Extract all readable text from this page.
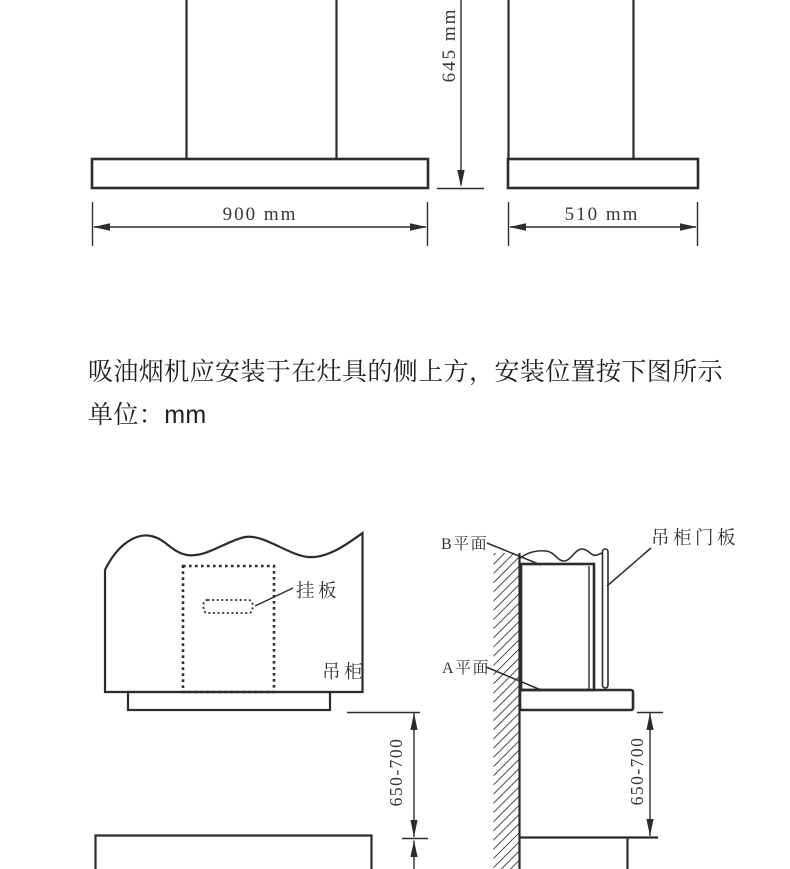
900 mm
645 mm
510 mm
挂板
吊柜
650-700
B平面
A平面
吊柜门板
650-700
吸油烟机应安装于在灶具的侧上方，安装位置按下图所示
单位：mm
